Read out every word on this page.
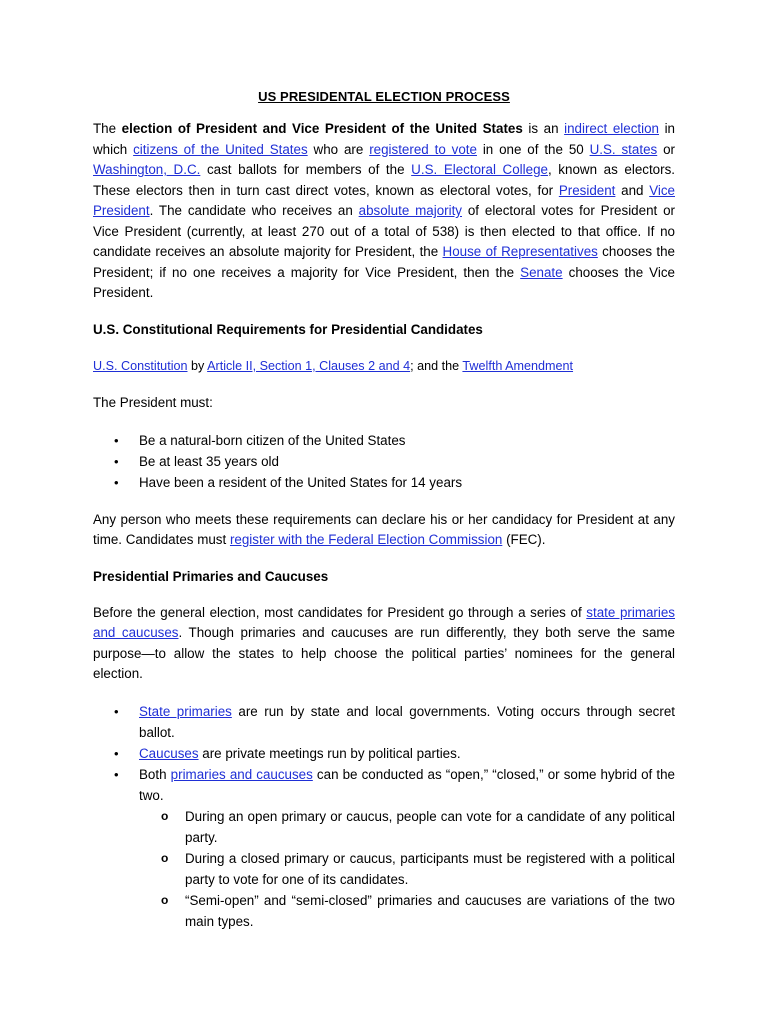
US PRESIDENTAL ELECTION PROCESS

The election of President and Vice President of the United States is an indirect election in which citizens of the United States who are registered to vote in one of the 50 U.S. states or Washington, D.C. cast ballots for members of the U.S. Electoral College, known as electors. These electors then in turn cast direct votes, known as electoral votes, for President and Vice President. The candidate who receives an absolute majority of electoral votes for President or Vice President (currently, at least 270 out of a total of 538) is then elected to that office. If no candidate receives an absolute majority for President, the House of Representatives chooses the President; if no one receives a majority for Vice President, then the Senate chooses the Vice President.

U.S. Constitutional Requirements for Presidential Candidates

U.S. Constitution by Article II, Section 1, Clauses 2 and 4; and the Twelfth Amendment

The President must:

• Be a natural-born citizen of the United States
• Be at least 35 years old
• Have been a resident of the United States for 14 years

Any person who meets these requirements can declare his or her candidacy for President at any time. Candidates must register with the Federal Election Commission (FEC).

Presidential Primaries and Caucuses

Before the general election, most candidates for President go through a series of state primaries and caucuses. Though primaries and caucuses are run differently, they both serve the same purpose—to allow the states to help choose the political parties’ nominees for the general election.

• State primaries are run by state and local governments. Voting occurs through secret ballot.
• Caucuses are private meetings run by political parties.
• Both primaries and caucuses can be conducted as “open,” “closed,” or some hybrid of the two.
o During an open primary or caucus, people can vote for a candidate of any political party.
o During a closed primary or caucus, participants must be registered with a political party to vote for one of its candidates.
o “Semi-open” and “semi-closed” primaries and caucuses are variations of the two main types.
